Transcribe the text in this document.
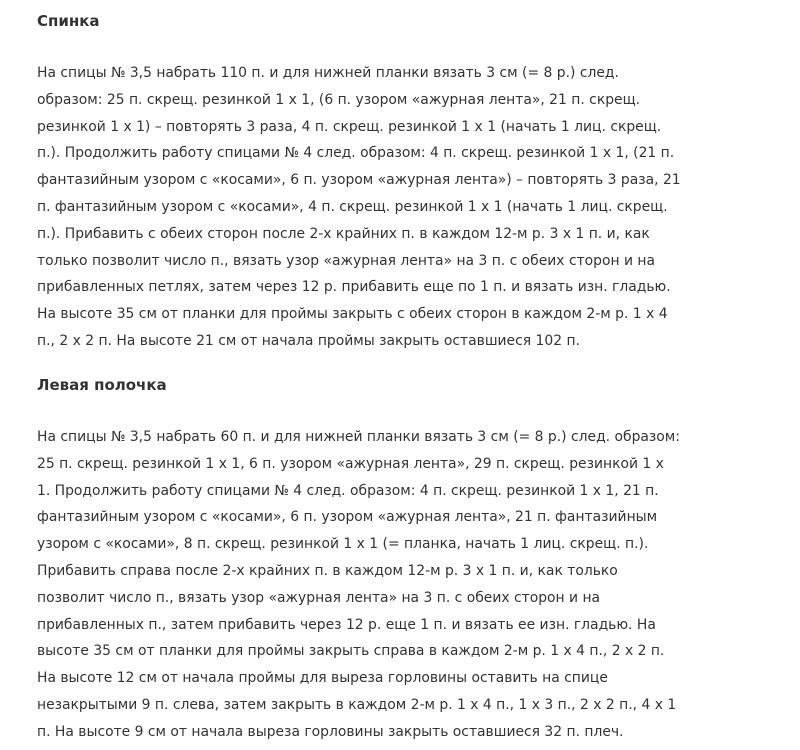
Спинка

На спицы № 3,5 набрать 110 п. и для нижней планки вязать 3 см (= 8 р.) след.
образом: 25 п. скрещ. резинкой 1 х 1, (6 п. узором «ажурная лента», 21 п. скрещ.
резинкой 1 х 1) – повторять 3 раза, 4 п. скрещ. резинкой 1 х 1 (начать 1 лиц. скрещ.
п.). Продолжить работу спицами № 4 след. образом: 4 п. скрещ. резинкой 1 х 1, (21 п.
фантазийным узором с «косами», 6 п. узором «ажурная лента») – повторять 3 раза, 21
п. фантазийным узором с «косами», 4 п. скрещ. резинкой 1 х 1 (начать 1 лиц. скрещ.
п.). Прибавить с обеих сторон после 2-х крайних п. в каждом 12-м р. 3 х 1 п. и, как
только позволит число п., вязать узор «ажурная лента» на 3 п. с обеих сторон и на
прибавленных петлях, затем через 12 р. прибавить еще по 1 п. и вязать изн. гладью.
На высоте 35 см от планки для проймы закрыть с обеих сторон в каждом 2-м р. 1 х 4
п., 2 х 2 п. На высоте 21 см от начала проймы закрыть оставшиеся 102 п.

Левая полочка

На спицы № 3,5 набрать 60 п. и для нижней планки вязать 3 см (= 8 р.) след. образом:
25 п. скрещ. резинкой 1 х 1, 6 п. узором «ажурная лента», 29 п. скрещ. резинкой 1 х
1. Продолжить работу спицами № 4 след. образом: 4 п. скрещ. резинкой 1 х 1, 21 п.
фантазийным узором с «косами», 6 п. узором «ажурная лента», 21 п. фантазийным
узором с «косами», 8 п. скрещ. резинкой 1 х 1 (= планка, начать 1 лиц. скрещ. п.).
Прибавить справа после 2-х крайних п. в каждом 12-м р. 3 х 1 п. и, как только
позволит число п., вязать узор «ажурная лента» на 3 п. с обеих сторон и на
прибавленных п., затем прибавить через 12 р. еще 1 п. и вязать ее изн. гладью. На
высоте 35 см от планки для проймы закрыть справа в каждом 2-м р. 1 х 4 п., 2 х 2 п.
На высоте 12 см от начала проймы для выреза горловины оставить на спице
незакрытыми 9 п. слева, затем закрыть в каждом 2-м р. 1 х 4 п., 1 х 3 п., 2 х 2 п., 4 х 1
п. На высоте 9 см от начала выреза горловины закрыть оставшиеся 32 п. плеч.
